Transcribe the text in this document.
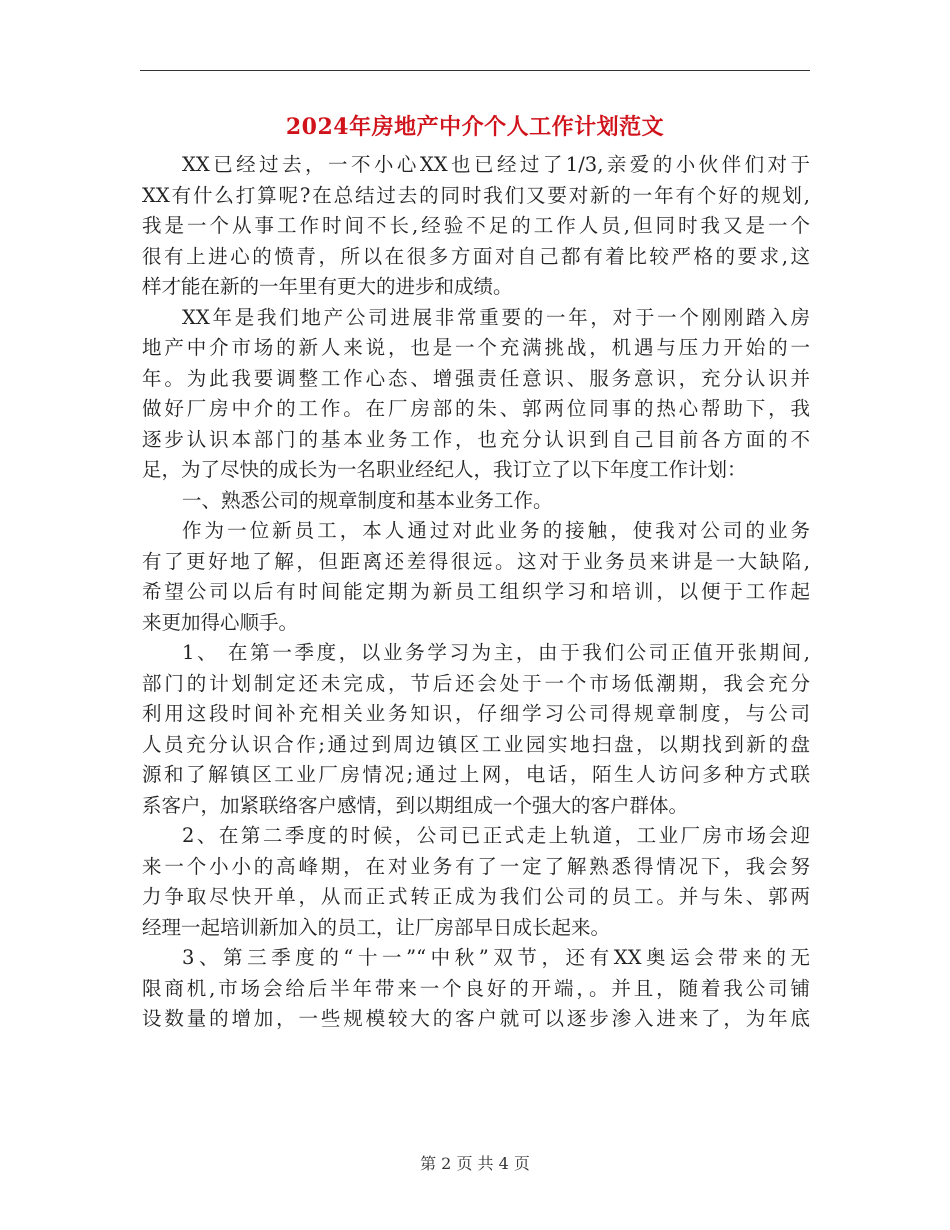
2024年房地产中介个人工作计划范文
XX已经过去，一不小心XX也已经过了1/3,亲爱的小伙伴们对于
XX有什么打算呢?在总结过去的同时我们又要对新的一年有个好的规划,
我是一个从事工作时间不长,经验不足的工作人员,但同时我又是一个
很有上进心的愤青，所以在很多方面对自己都有着比较严格的要求,这
样才能在新的一年里有更大的进步和成绩。
XX年是我们地产公司进展非常重要的一年，对于一个刚刚踏入房
地产中介市场的新人来说，也是一个充满挑战，机遇与压力开始的一
年。为此我要调整工作心态、增强责任意识、服务意识，充分认识并
做好厂房中介的工作。在厂房部的朱、郭两位同事的热心帮助下，我
逐步认识本部门的基本业务工作，也充分认识到自己目前各方面的不
足，为了尽快的成长为一名职业经纪人，我订立了以下年度工作计划：
一、熟悉公司的规章制度和基本业务工作。
作为一位新员工，本人通过对此业务的接触，使我对公司的业务
有了更好地了解，但距离还差得很远。这对于业务员来讲是一大缺陷,
希望公司以后有时间能定期为新员工组织学习和培训，以便于工作起
来更加得心顺手。
1、 在第一季度，以业务学习为主，由于我们公司正值开张期间,
部门的计划制定还未完成，节后还会处于一个市场低潮期，我会充分
利用这段时间补充相关业务知识，仔细学习公司得规章制度，与公司
人员充分认识合作;通过到周边镇区工业园实地扫盘，以期找到新的盘
源和了解镇区工业厂房情况;通过上网，电话，陌生人访问多种方式联
系客户，加紧联络客户感情，到以期组成一个强大的客户群体。
2、在第二季度的时候，公司已正式走上轨道，工业厂房市场会迎
来一个小小的高峰期，在对业务有了一定了解熟悉得情况下，我会努
力争取尽快开单，从而正式转正成为我们公司的员工。并与朱、郭两
经理一起培训新加入的员工，让厂房部早日成长起来。
3、第三季度的“十一”“中秋”双节，还有XX奥运会带来的无
限商机,市场会给后半年带来一个良好的开端，。并且，随着我公司铺
设数量的增加，一些规模较大的客户就可以逐步渗入进来了，为年底
第 2 页 共 4 页
